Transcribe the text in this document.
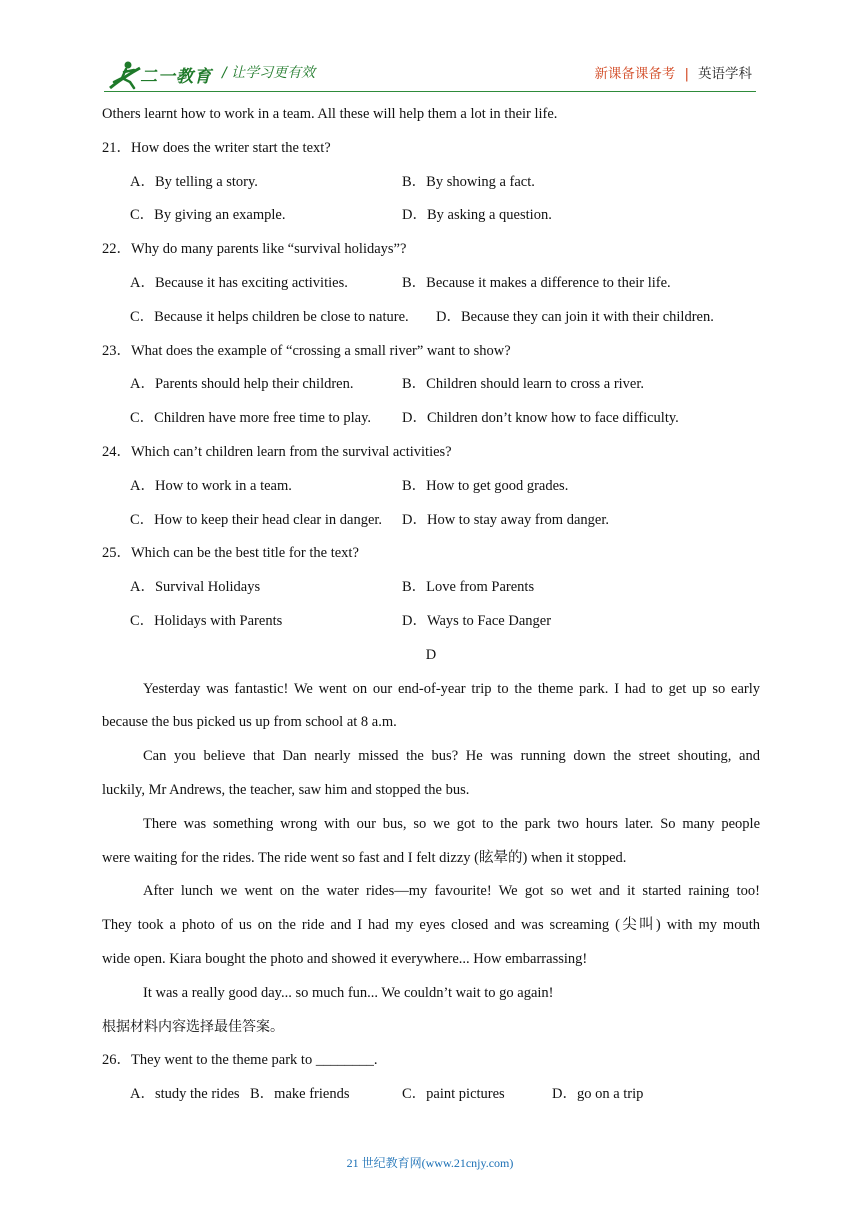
二一教育 / 让学习更有效	新课备课备考 | 英语学科
Others learnt how to work in a team. All these will help them a lot in their life.
21．How does the writer start the text?
A．By telling a story.	B．By showing a fact.
C．By giving an example.	D．By asking a question.
22．Why do many parents like “survival holidays”?
A．Because it has exciting activities.	B．Because it makes a difference to their life.
C．Because it helps children be close to nature. D．Because they can join it with their children.
23．What does the example of “crossing a small river” want to show?
A．Parents should help their children.	B．Children should learn to cross a river.
C．Children have more free time to play. D．Children don’t know how to face difficulty.
24．Which can’t children learn from the survival activities?
A．How to work in a team.	B．How to get good grades.
C．How to keep their head clear in danger. D．How to stay away from danger.
25．Which can be the best title for the text?
A．Survival Holidays	B．Love from Parents
C．Holidays with Parents	D．Ways to Face Danger
D
Yesterday was fantastic! We went on our end-of-year trip to the theme park. I had to get up so early
because the bus picked us up from school at 8 a.m.
Can you believe that Dan nearly missed the bus? He was running down the street shouting, and
luckily, Mr Andrews, the teacher, saw him and stopped the bus.
There was something wrong with our bus, so we got to the park two hours later. So many people
were waiting for the rides. The ride went so fast and I felt dizzy (眩晕的) when it stopped.
After lunch we went on the water rides—my favourite! We got so wet and it started raining too!
They took a photo of us on the ride and I had my eyes closed and was screaming (尖叫) with my mouth
wide open. Kiara bought the photo and showed it everywhere... How embarrassing!
It was a really good day... so much fun... We couldn’t wait to go again!
根据材料内容选择最佳答案。
26．They went to the theme park to ________.
A．study the rides B．make friends	C．paint pictures	D．go on a trip
21 世纪教育网(www.21cnjy.com)
